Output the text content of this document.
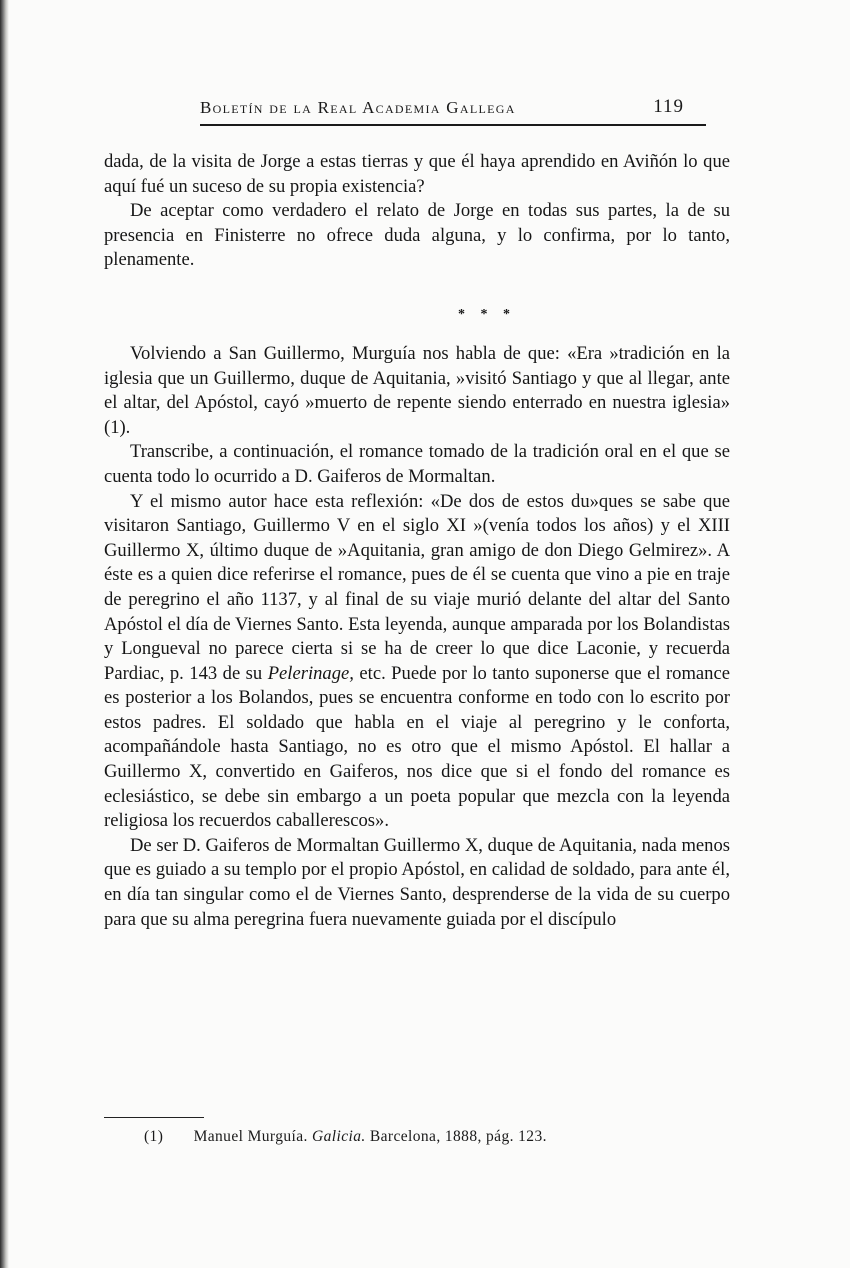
Boletín de la Real Academia Gallega	119

dada, de la visita de Jorge a estas tierras y que él haya aprendido en Aviñón lo que aquí fué un suceso de su propia existencia?

De aceptar como verdadero el relato de Jorge en todas sus partes, la de su presencia en Finisterre no ofrece duda alguna, y lo confirma, por lo tanto, plenamente.

* * *

Volviendo a San Guillermo, Murguía nos habla de que: «Era »tradición en la iglesia que un Guillermo, duque de Aquitania, »visitó Santiago y que al llegar, ante el altar, del Apóstol, cayó »muerto de repente siendo enterrado en nuestra iglesia» (1).

Transcribe, a continuación, el romance tomado de la tradición oral en el que se cuenta todo lo ocurrido a D. Gaiferos de Mormaltan.

Y el mismo autor hace esta reflexión: «De dos de estos du»ques se sabe que visitaron Santiago, Guillermo V en el siglo XI »(venía todos los años) y el XIII Guillermo X, último duque de »Aquitania, gran amigo de don Diego Gelmirez». A éste es a quien dice referirse el romance, pues de él se cuenta que vino a pie en traje de peregrino el año 1137, y al final de su viaje murió delante del altar del Santo Apóstol el día de Viernes Santo. Esta leyenda, aunque amparada por los Bolandistas y Longueval no parece cierta si se ha de creer lo que dice Laconie, y recuerda Pardiac, p. 143 de su Pelerinage, etc. Puede por lo tanto suponerse que el romance es posterior a los Bolandos, pues se encuentra conforme en todo con lo escrito por estos padres. El soldado que habla en el viaje al peregrino y le conforta, acompañándole hasta Santiago, no es otro que el mismo Apóstol. El hallar a Guillermo X, convertido en Gaiferos, nos dice que si el fondo del romance es eclesiástico, se debe sin embargo a un poeta popular que mezcla con la leyenda religiosa los recuerdos caballerescos».

De ser D. Gaiferos de Mormaltan Guillermo X, duque de Aquitania, nada menos que es guiado a su templo por el propio Apóstol, en calidad de soldado, para ante él, en día tan singular como el de Viernes Santo, desprenderse de la vida de su cuerpo para que su alma peregrina fuera nuevamente guiada por el discípulo

(1) Manuel Murguía. Galicia. Barcelona, 1888, pág. 123.
